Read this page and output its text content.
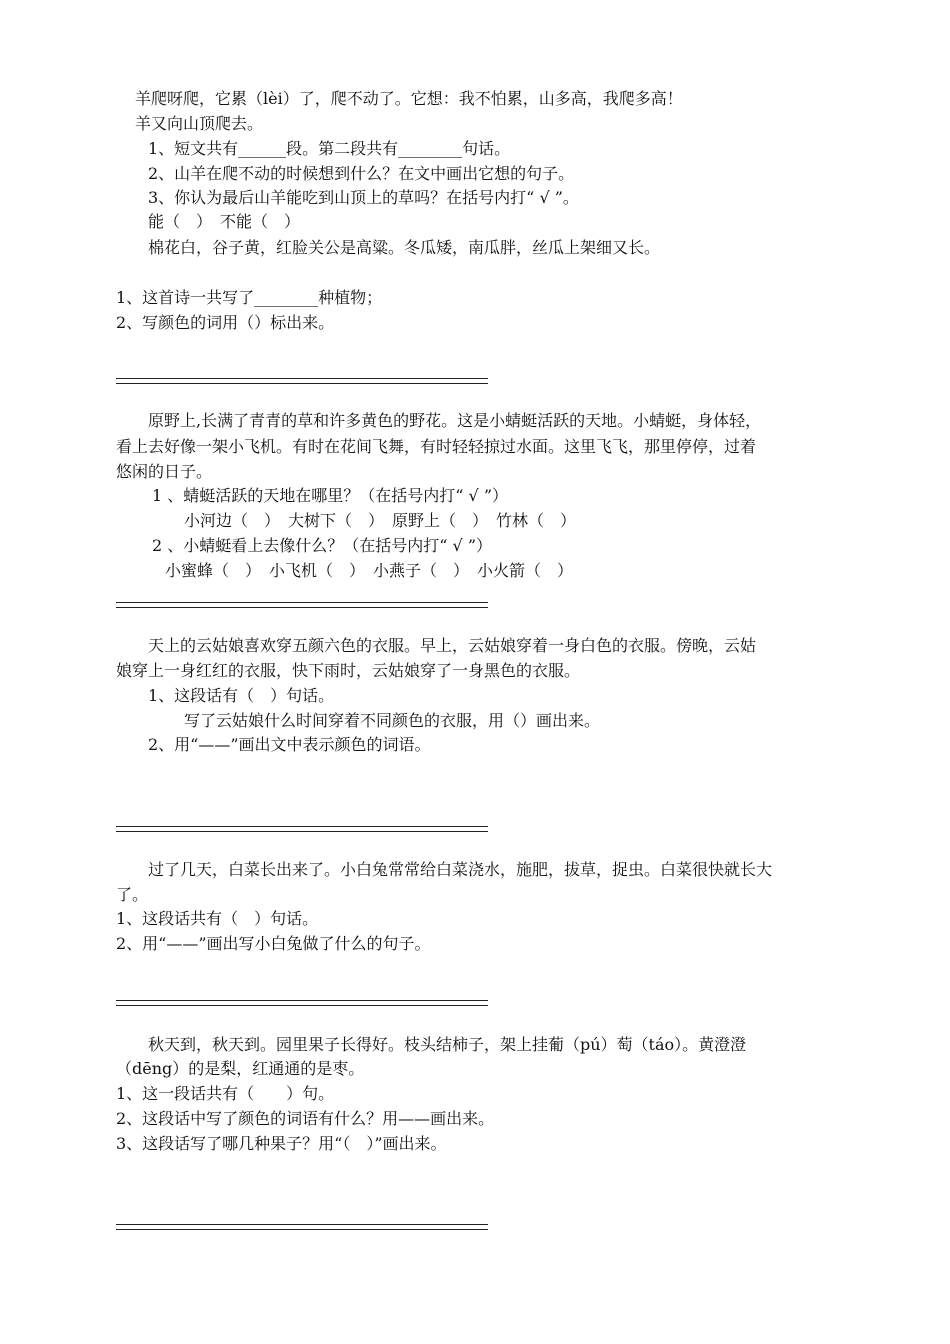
羊爬呀爬，它累（lèi）了，爬不动了。它想：我不怕累，山多高，我爬多高！
羊又向山顶爬去。
1、短文共有______段。第二段共有________句话。
2、山羊在爬不动的时候想到什么？在文中画出它想的句子。
3、你认为最后山羊能吃到山顶上的草吗？在括号内打“ √ ”。
能（　）　不能（　）
棉花白，谷子黄，红脸关公是高粱。冬瓜矮，南瓜胖，丝瓜上架细又长。
1、这首诗一共写了________种植物；
2、写颜色的词用（）标出来。
原野上,长满了青青的草和许多黄色的野花。这是小蜻蜓活跃的天地。小蜻蜓，身体轻，
看上去好像一架小飞机。有时在花间飞舞，有时轻轻掠过水面。这里飞飞，那里停停，过着
悠闲的日子。
1 、蜻蜓活跃的天地在哪里？（在括号内打“ √ ”）
小河边（　）　大树下（　）　原野上（　）　竹林（　）
2 、小蜻蜓看上去像什么？（在括号内打“ √ ”）
小蜜蜂（　）　小飞机（　）　小燕子（　）　小火箭（　）
天上的云姑娘喜欢穿五颜六色的衣服。早上，云姑娘穿着一身白色的衣服。傍晚，云姑
娘穿上一身红红的衣服，快下雨时，云姑娘穿了一身黑色的衣服。
1、这段话有（　）句话。
写了云姑娘什么时间穿着不同颜色的衣服，用（）画出来。
2、用“——”画出文中表示颜色的词语。
过了几天，白菜长出来了。小白兔常常给白菜浇水，施肥，拔草，捉虫。白菜很快就长大
了。
1、这段话共有（　）句话。
2、用“——”画出写小白兔做了什么的句子。
秋天到，秋天到。园里果子长得好。枝头结柿子，架上挂葡（pú）萄（táo）。黄澄澄
（dēng）的是梨，红通通的是枣。
1、这一段话共有（　　）句。
2、这段话中写了颜色的词语有什么？用——画出来。
3、这段话写了哪几种果子？用“（　）”画出来。
